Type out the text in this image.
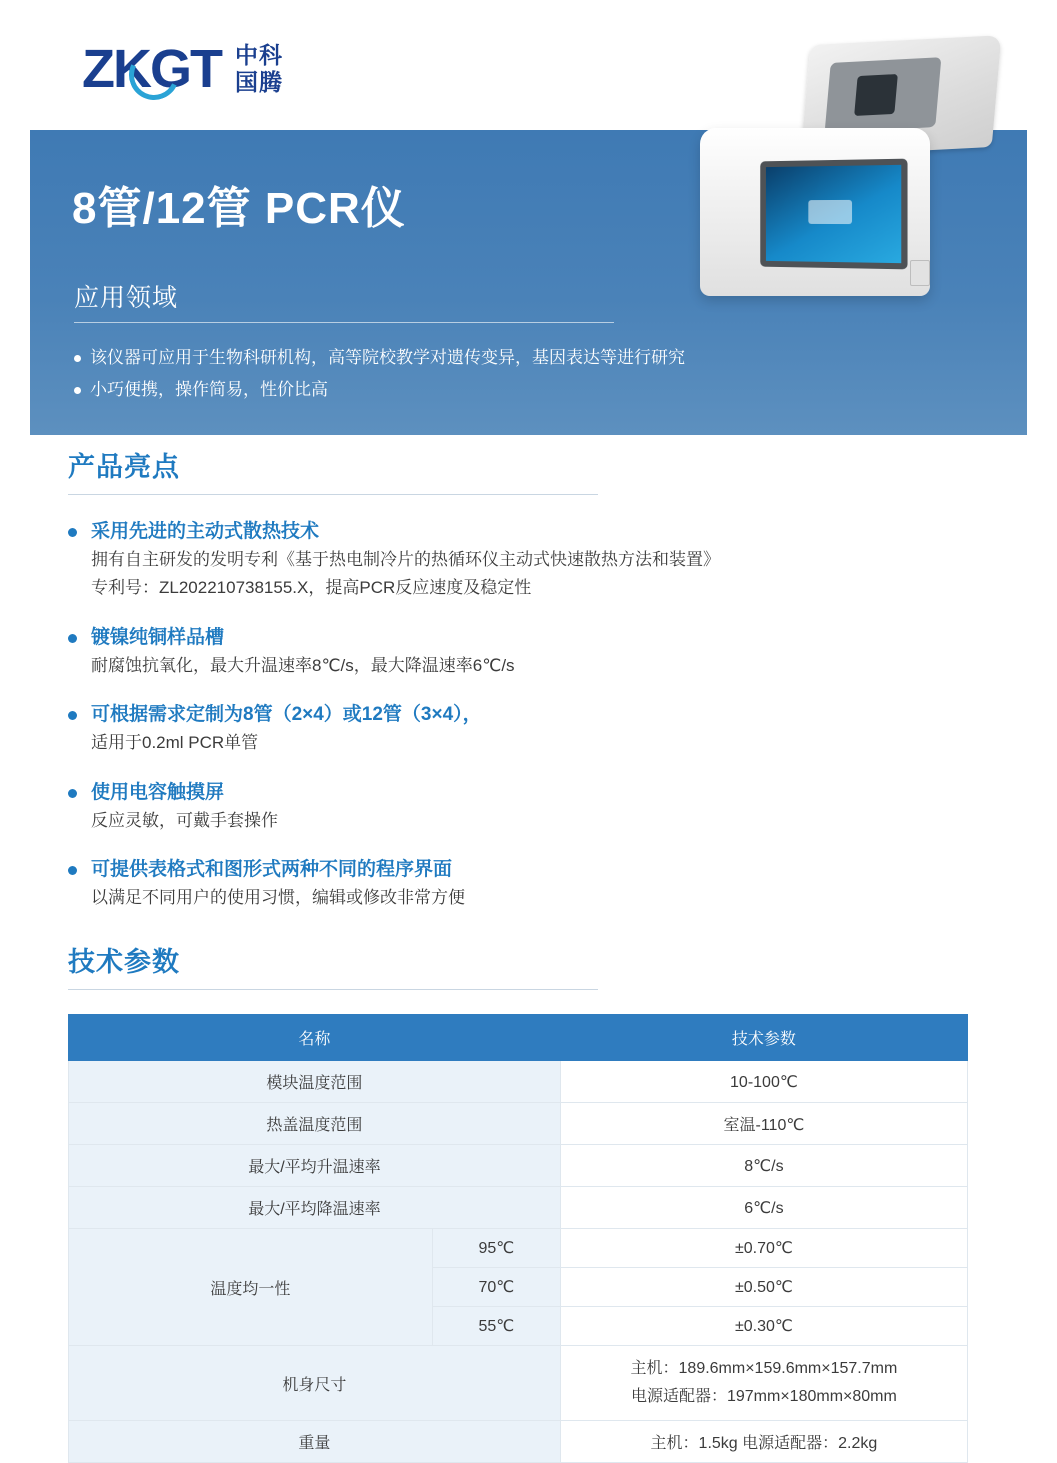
ZKGT 中科
国腾
8管/12管 PCR仪
应用领域
该仪器可应用于生物科研机构，高等院校教学对遗传变异，基因表达等进行研究
小巧便携，操作简易，性价比高
产品亮点
采用先进的主动式散热技术
拥有自主研发的发明专利《基于热电制冷片的热循环仪主动式快速散热方法和装置》
专利号：ZL202210738155.X，提高PCR反应速度及稳定性
镀镍纯铜样品槽
耐腐蚀抗氧化，最大升温速率8℃/s，最大降温速率6℃/s
可根据需求定制为8管（2×4）或12管（3×4），
适用于0.2ml PCR单管
使用电容触摸屏
反应灵敏，可戴手套操作
可提供表格式和图形式两种不同的程序界面
以满足不同用户的使用习惯，编辑或修改非常方便
技术参数
名称		技术参数
模块温度范围		10-100℃
热盖温度范围		室温-110℃
最大/平均升温速率		8℃/s
最大/平均降温速率		6℃/s
温度均一性	95℃	±0.70℃
	70℃	±0.50℃
	55℃	±0.30℃
机身尺寸		主机：189.6mm×159.6mm×157.7mm
电源适配器：197mm×180mm×80mm

重量		主机：1.5kg 电源适配器：2.2kg
